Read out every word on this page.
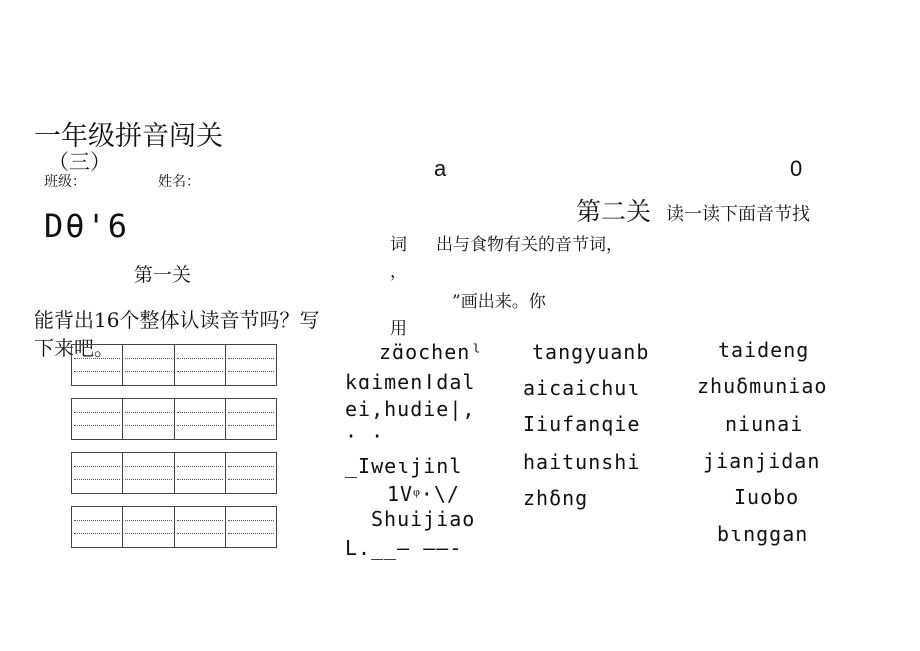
一年级拼音闯关
（三）
班级：	姓名：
Dθ'6
第一关
能背出16个整体认读音节吗？写下来吧。
a	0
第二关 读一读下面音节找
词 出与食物有关的音节词，
，
”画出来。你
用
zɑ̈ochenˡ
kɑimenǀdal
ei,hudie|,
· ·
_Iweɩjinl
1Vᵠ·\/
Shuijiao
L.__– ––-
tangyuanb
aicaichuɩ
Iiufanqie
haitunshi
zhδng
taideng
zhuδmuniao
niunai
jianjidan
Iuobo
bɩnggan
